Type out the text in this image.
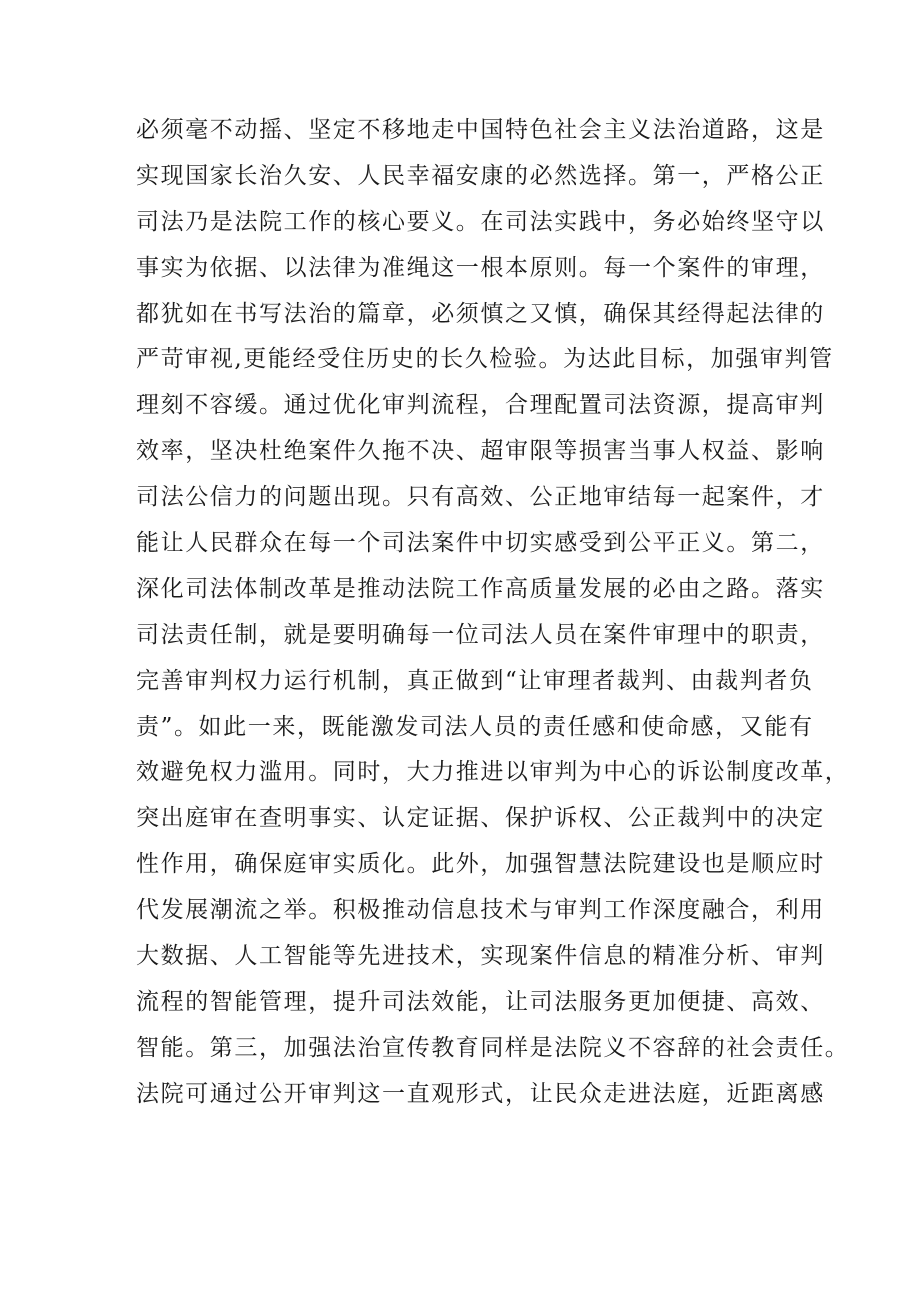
必须毫不动摇、坚定不移地走中国特色社会主义法治道路，这是
实现国家长治久安、人民幸福安康的必然选择。第一，严格公正
司法乃是法院工作的核心要义。在司法实践中，务必始终坚守以
事实为依据、以法律为准绳这一根本原则。每一个案件的审理，
都犹如在书写法治的篇章，必须慎之又慎，确保其经得起法律的
严苛审视,更能经受住历史的长久检验。为达此目标，加强审判管
理刻不容缓。通过优化审判流程，合理配置司法资源，提高审判
效率，坚决杜绝案件久拖不决、超审限等损害当事人权益、影响
司法公信力的问题出现。只有高效、公正地审结每一起案件，才
能让人民群众在每一个司法案件中切实感受到公平正义。第二，
深化司法体制改革是推动法院工作高质量发展的必由之路。落实
司法责任制，就是要明确每一位司法人员在案件审理中的职责，
完善审判权力运行机制，真正做到“让审理者裁判、由裁判者负
责”。如此一来，既能激发司法人员的责任感和使命感，又能有
效避免权力滥用。同时，大力推进以审判为中心的诉讼制度改革，
突出庭审在查明事实、认定证据、保护诉权、公正裁判中的决定
性作用，确保庭审实质化。此外，加强智慧法院建设也是顺应时
代发展潮流之举。积极推动信息技术与审判工作深度融合，利用
大数据、人工智能等先进技术，实现案件信息的精准分析、审判
流程的智能管理，提升司法效能，让司法服务更加便捷、高效、
智能。第三，加强法治宣传教育同样是法院义不容辞的社会责任。
法院可通过公开审判这一直观形式，让民众走进法庭，近距离感
